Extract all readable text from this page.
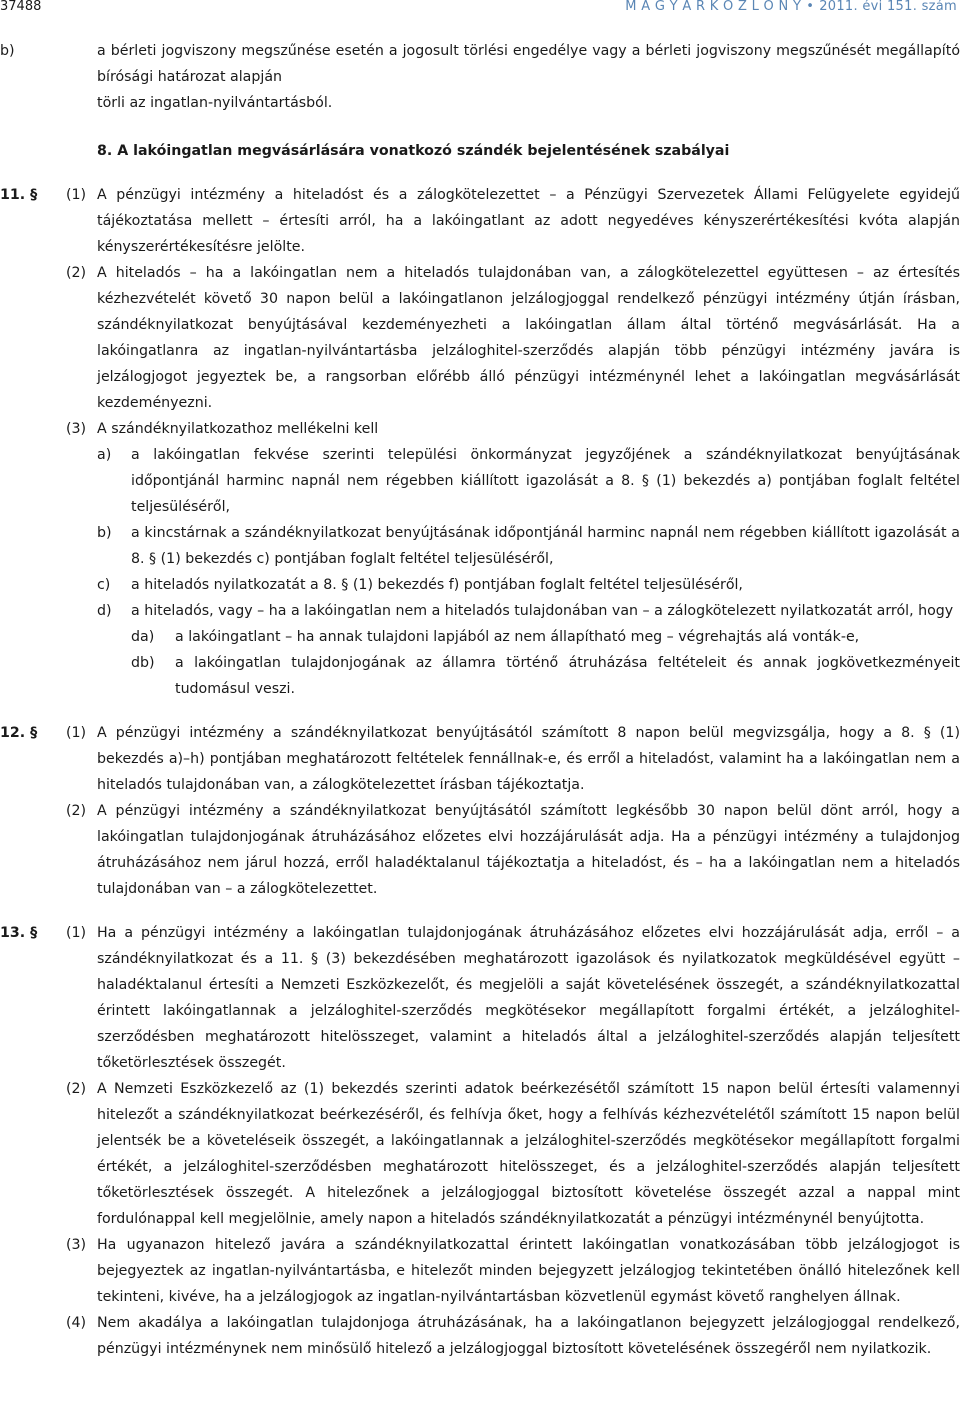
37488	M A G Y A R K Ö Z L Ö N Y • 2011. évi 151. szám
b)	a bérleti jogviszony megszűnése esetén a jogosult törlési engedélye vagy a bérleti jogviszony megszűnését megállapító bírósági határozat alapján
törli az ingatlan-nyilvántartásból.
8. A lakóingatlan megvásárlására vonatkozó szándék bejelentésének szabályai
11. §	(1) A pénzügyi intézmény a hiteladóst és a zálogkötelezettet – a Pénzügyi Szervezetek Állami Felügyelete egyidejű tájékoztatása mellett – értesíti arról, ha a lakóingatlant az adott negyedéves kényszerértékesítési kvóta alapján kényszerértékesítésre jelölte.
(2) A hiteladós – ha a lakóingatlan nem a hiteladós tulajdonában van, a zálogkötelezettel együttesen – az értesítés kézhezvételét követő 30 napon belül a lakóingatlanon jelzálogjoggal rendelkező pénzügyi intézmény útján írásban, szándéknyilatkozat benyújtásával kezdeményezheti a lakóingatlan állam által történő megvásárlását. Ha a lakóingatlanra az ingatlan-nyilvántartásba jelzáloghitel-szerződés alapján több pénzügyi intézmény javára is jelzálogjogot jegyeztek be, a rangsorban előrébb álló pénzügyi intézménynél lehet a lakóingatlan megvásárlását kezdeményezni.
(3) A szándéknyilatkozathoz mellékelni kell
a)	a lakóingatlan fekvése szerinti települési önkormányzat jegyzőjének a szándéknyilatkozat benyújtásának időpontjánál harminc napnál nem régebben kiállított igazolását a 8. § (1) bekezdés a) pontjában foglalt feltétel teljesüléséről,
b)	a kincstárnak a szándéknyilatkozat benyújtásának időpontjánál harminc napnál nem régebben kiállított igazolását a 8. § (1) bekezdés c) pontjában foglalt feltétel teljesüléséről,
c)	a hiteladós nyilatkozatát a 8. § (1) bekezdés f) pontjában foglalt feltétel teljesüléséről,
d)	a hiteladós, vagy – ha a lakóingatlan nem a hiteladós tulajdonában van – a zálogkötelezett nyilatkozatát arról, hogy
da)	a lakóingatlant – ha annak tulajdoni lapjából az nem állapítható meg – végrehajtás alá vonták-e,
db)	a lakóingatlan tulajdonjogának az államra történő átruházása feltételeit és annak jogkövetkezményeit tudomásul veszi.
12. §	(1) A pénzügyi intézmény a szándéknyilatkozat benyújtásától számított 8 napon belül megvizsgálja, hogy a 8. § (1) bekezdés a)–h) pontjában meghatározott feltételek fennállnak-e, és erről a hiteladóst, valamint ha a lakóingatlan nem a hiteladós tulajdonában van, a zálogkötelezettet írásban tájékoztatja.
(2) A pénzügyi intézmény a szándéknyilatkozat benyújtásától számított legkésőbb 30 napon belül dönt arról, hogy a lakóingatlan tulajdonjogának átruházásához előzetes elvi hozzájárulását adja. Ha a pénzügyi intézmény a tulajdonjog átruházásához nem járul hozzá, erről haladéktalanul tájékoztatja a hiteladóst, és – ha a lakóingatlan nem a hiteladós tulajdonában van – a zálogkötelezettet.
13. §	(1) Ha a pénzügyi intézmény a lakóingatlan tulajdonjogának átruházásához előzetes elvi hozzájárulását adja, erről – a szándéknyilatkozat és a 11. § (3) bekezdésében meghatározott igazolások és nyilatkozatok megküldésével együtt – haladéktalanul értesíti a Nemzeti Eszközkezelőt, és megjelöli a saját követelésének összegét, a szándéknyilatkozattal érintett lakóingatlannak a jelzáloghitel-szerződés megkötésekor megállapított forgalmi értékét, a jelzáloghitel-szerződésben meghatározott hitelösszeget, valamint a hiteladós által a jelzáloghitel-szerződés alapján teljesített tőketörlesztések összegét.
(2) A Nemzeti Eszközkezelő az (1) bekezdés szerinti adatok beérkezésétől számított 15 napon belül értesíti valamennyi hitelezőt a szándéknyilatkozat beérkezéséről, és felhívja őket, hogy a felhívás kézhezvételétől számított 15 napon belül jelentsék be a követeléseik összegét, a lakóingatlannak a jelzáloghitel-szerződés megkötésekor megállapított forgalmi értékét, a jelzáloghitel-szerződésben meghatározott hitelösszeget, és a jelzáloghitel-szerződés alapján teljesített tőketörlesztések összegét. A hitelezőnek a jelzálogjoggal biztosított követelése összegét azzal a nappal mint fordulónappal kell megjelölnie, amely napon a hiteladós szándéknyilatkozatát a pénzügyi intézménynél benyújtotta.
(3) Ha ugyanazon hitelező javára a szándéknyilatkozattal érintett lakóingatlan vonatkozásában több jelzálogjogot is bejegyeztek az ingatlan-nyilvántartásba, e hitelezőt minden bejegyzett jelzálogjog tekintetében önálló hitelezőnek kell tekinteni, kivéve, ha a jelzálogjogok az ingatlan-nyilvántartásban közvetlenül egymást követő ranghelyen állnak.
(4) Nem akadálya a lakóingatlan tulajdonjoga átruházásának, ha a lakóingatlanon bejegyzett jelzálogjoggal rendelkező, pénzügyi intézménynek nem minősülő hitelező a jelzálogjoggal biztosított követelésének összegéről nem nyilatkozik.
